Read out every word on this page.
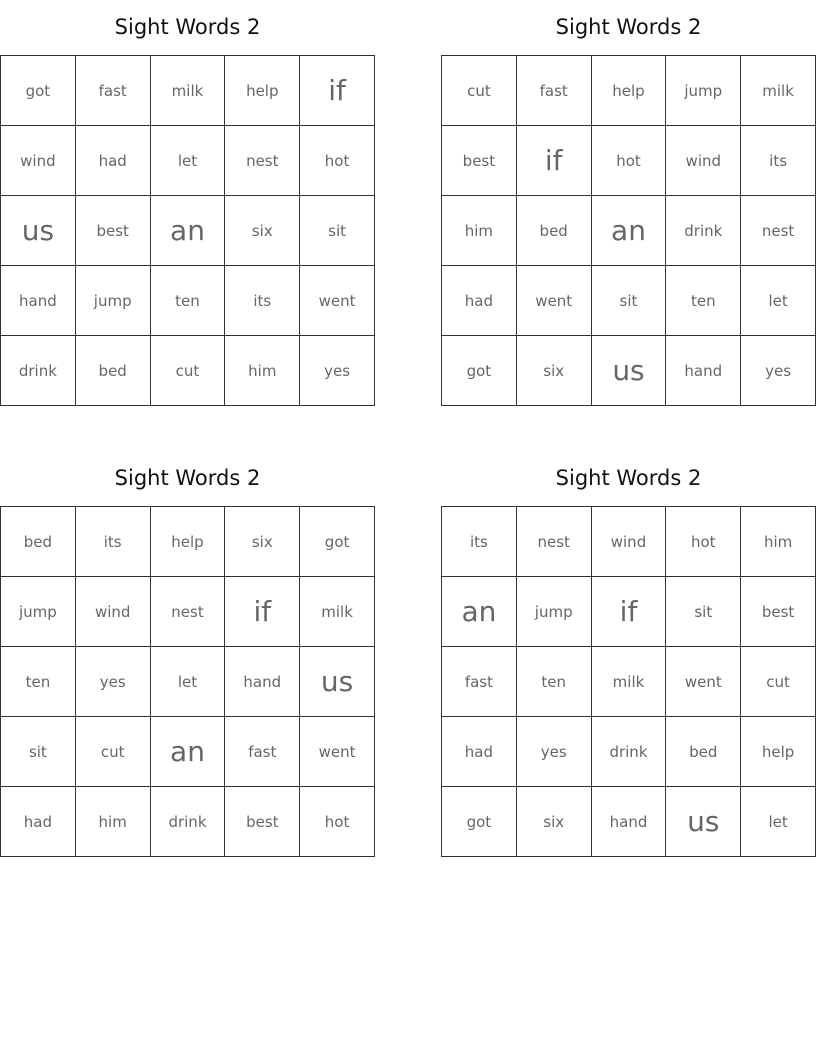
Sight Words 2
got	fast	milk	help	if
wind	had	let	nest	hot
us	best	an	six	sit
hand	jump	ten	its	went
drink	bed	cut	him	yes
Sight Words 2
cut	fast	help	jump	milk
best	if	hot	wind	its
him	bed	an	drink	nest
had	went	sit	ten	let
got	six	us	hand	yes
Sight Words 2
bed	its	help	six	got
jump	wind	nest	if	milk
ten	yes	let	hand	us
sit	cut	an	fast	went
had	him	drink	best	hot
Sight Words 2
its	nest	wind	hot	him
an	jump	if	sit	best
fast	ten	milk	went	cut
had	yes	drink	bed	help
got	six	hand	us	let
